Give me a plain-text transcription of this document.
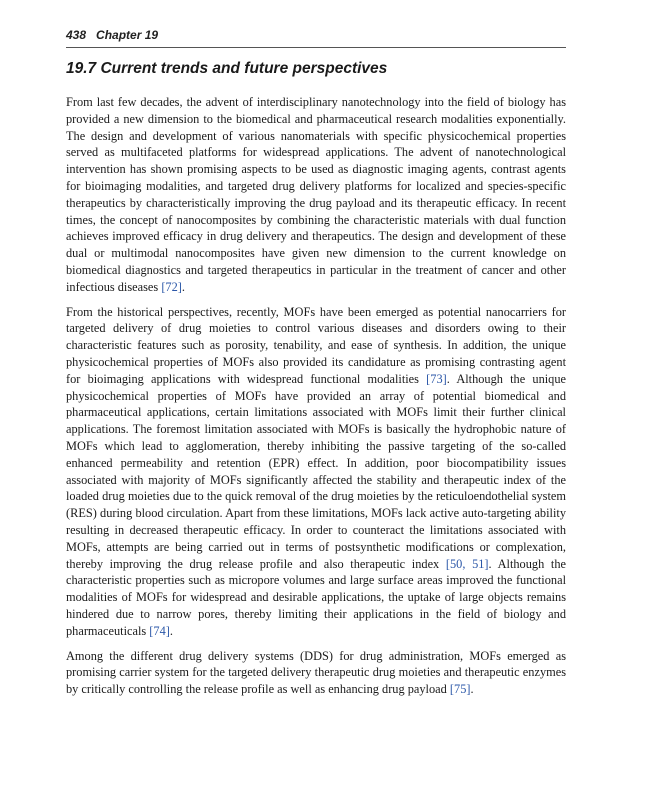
438 Chapter 19
19.7 Current trends and future perspectives

From last few decades, the advent of interdisciplinary nanotechnology into the field of biology has provided a new dimension to the biomedical and pharmaceutical research modalities exponentially. The design and development of various nanomaterials with specific physicochemical properties served as multifaceted platforms for widespread applications. The advent of nanotechnological intervention has shown promising aspects to be used as diagnostic imaging agents, contrast agents for bioimaging modalities, and targeted drug delivery platforms for localized and species-specific therapeutics by characteristically improving the drug payload and its therapeutic efficacy. In recent times, the concept of nanocomposites by combining the characteristic materials with dual function achieves improved efficacy in drug delivery and therapeutics. The design and development of these dual or multimodal nanocomposites have given new dimension to the current knowledge on biomedical diagnostics and targeted therapeutics in particular in the treatment of cancer and other infectious diseases [72].

From the historical perspectives, recently, MOFs have been emerged as potential nanocarriers for targeted delivery of drug moieties to control various diseases and disorders owing to their characteristic features such as porosity, tenability, and ease of synthesis. In addition, the unique physicochemical properties of MOFs also provided its candidature as promising contrasting agent for bioimaging applications with widespread functional modalities [73]. Although the unique physicochemical properties of MOFs have provided an array of potential biomedical and pharmaceutical applications, certain limitations associated with MOFs limit their further clinical applications. The foremost limitation associated with MOFs is basically the hydrophobic nature of MOFs which lead to agglomeration, thereby inhibiting the passive targeting of the so-called enhanced permeability and retention (EPR) effect. In addition, poor biocompatibility issues associated with majority of MOFs significantly affected the stability and therapeutic index of the loaded drug moieties due to the quick removal of the drug moieties by the reticuloendothelial system (RES) during blood circulation. Apart from these limitations, MOFs lack active auto-targeting ability resulting in decreased therapeutic efficacy. In order to counteract the limitations associated with MOFs, attempts are being carried out in terms of postsynthetic modifications or complexation, thereby improving the drug release profile and also therapeutic index [50, 51]. Although the characteristic properties such as micropore volumes and large surface areas improved the functional modalities of MOFs for widespread and desirable applications, the uptake of large objects remains hindered due to narrow pores, thereby limiting their applications in the field of biology and pharmaceuticals [74].

Among the different drug delivery systems (DDS) for drug administration, MOFs emerged as promising carrier system for the targeted delivery therapeutic drug moieties and therapeutic enzymes by critically controlling the release profile as well as enhancing drug payload [75].
